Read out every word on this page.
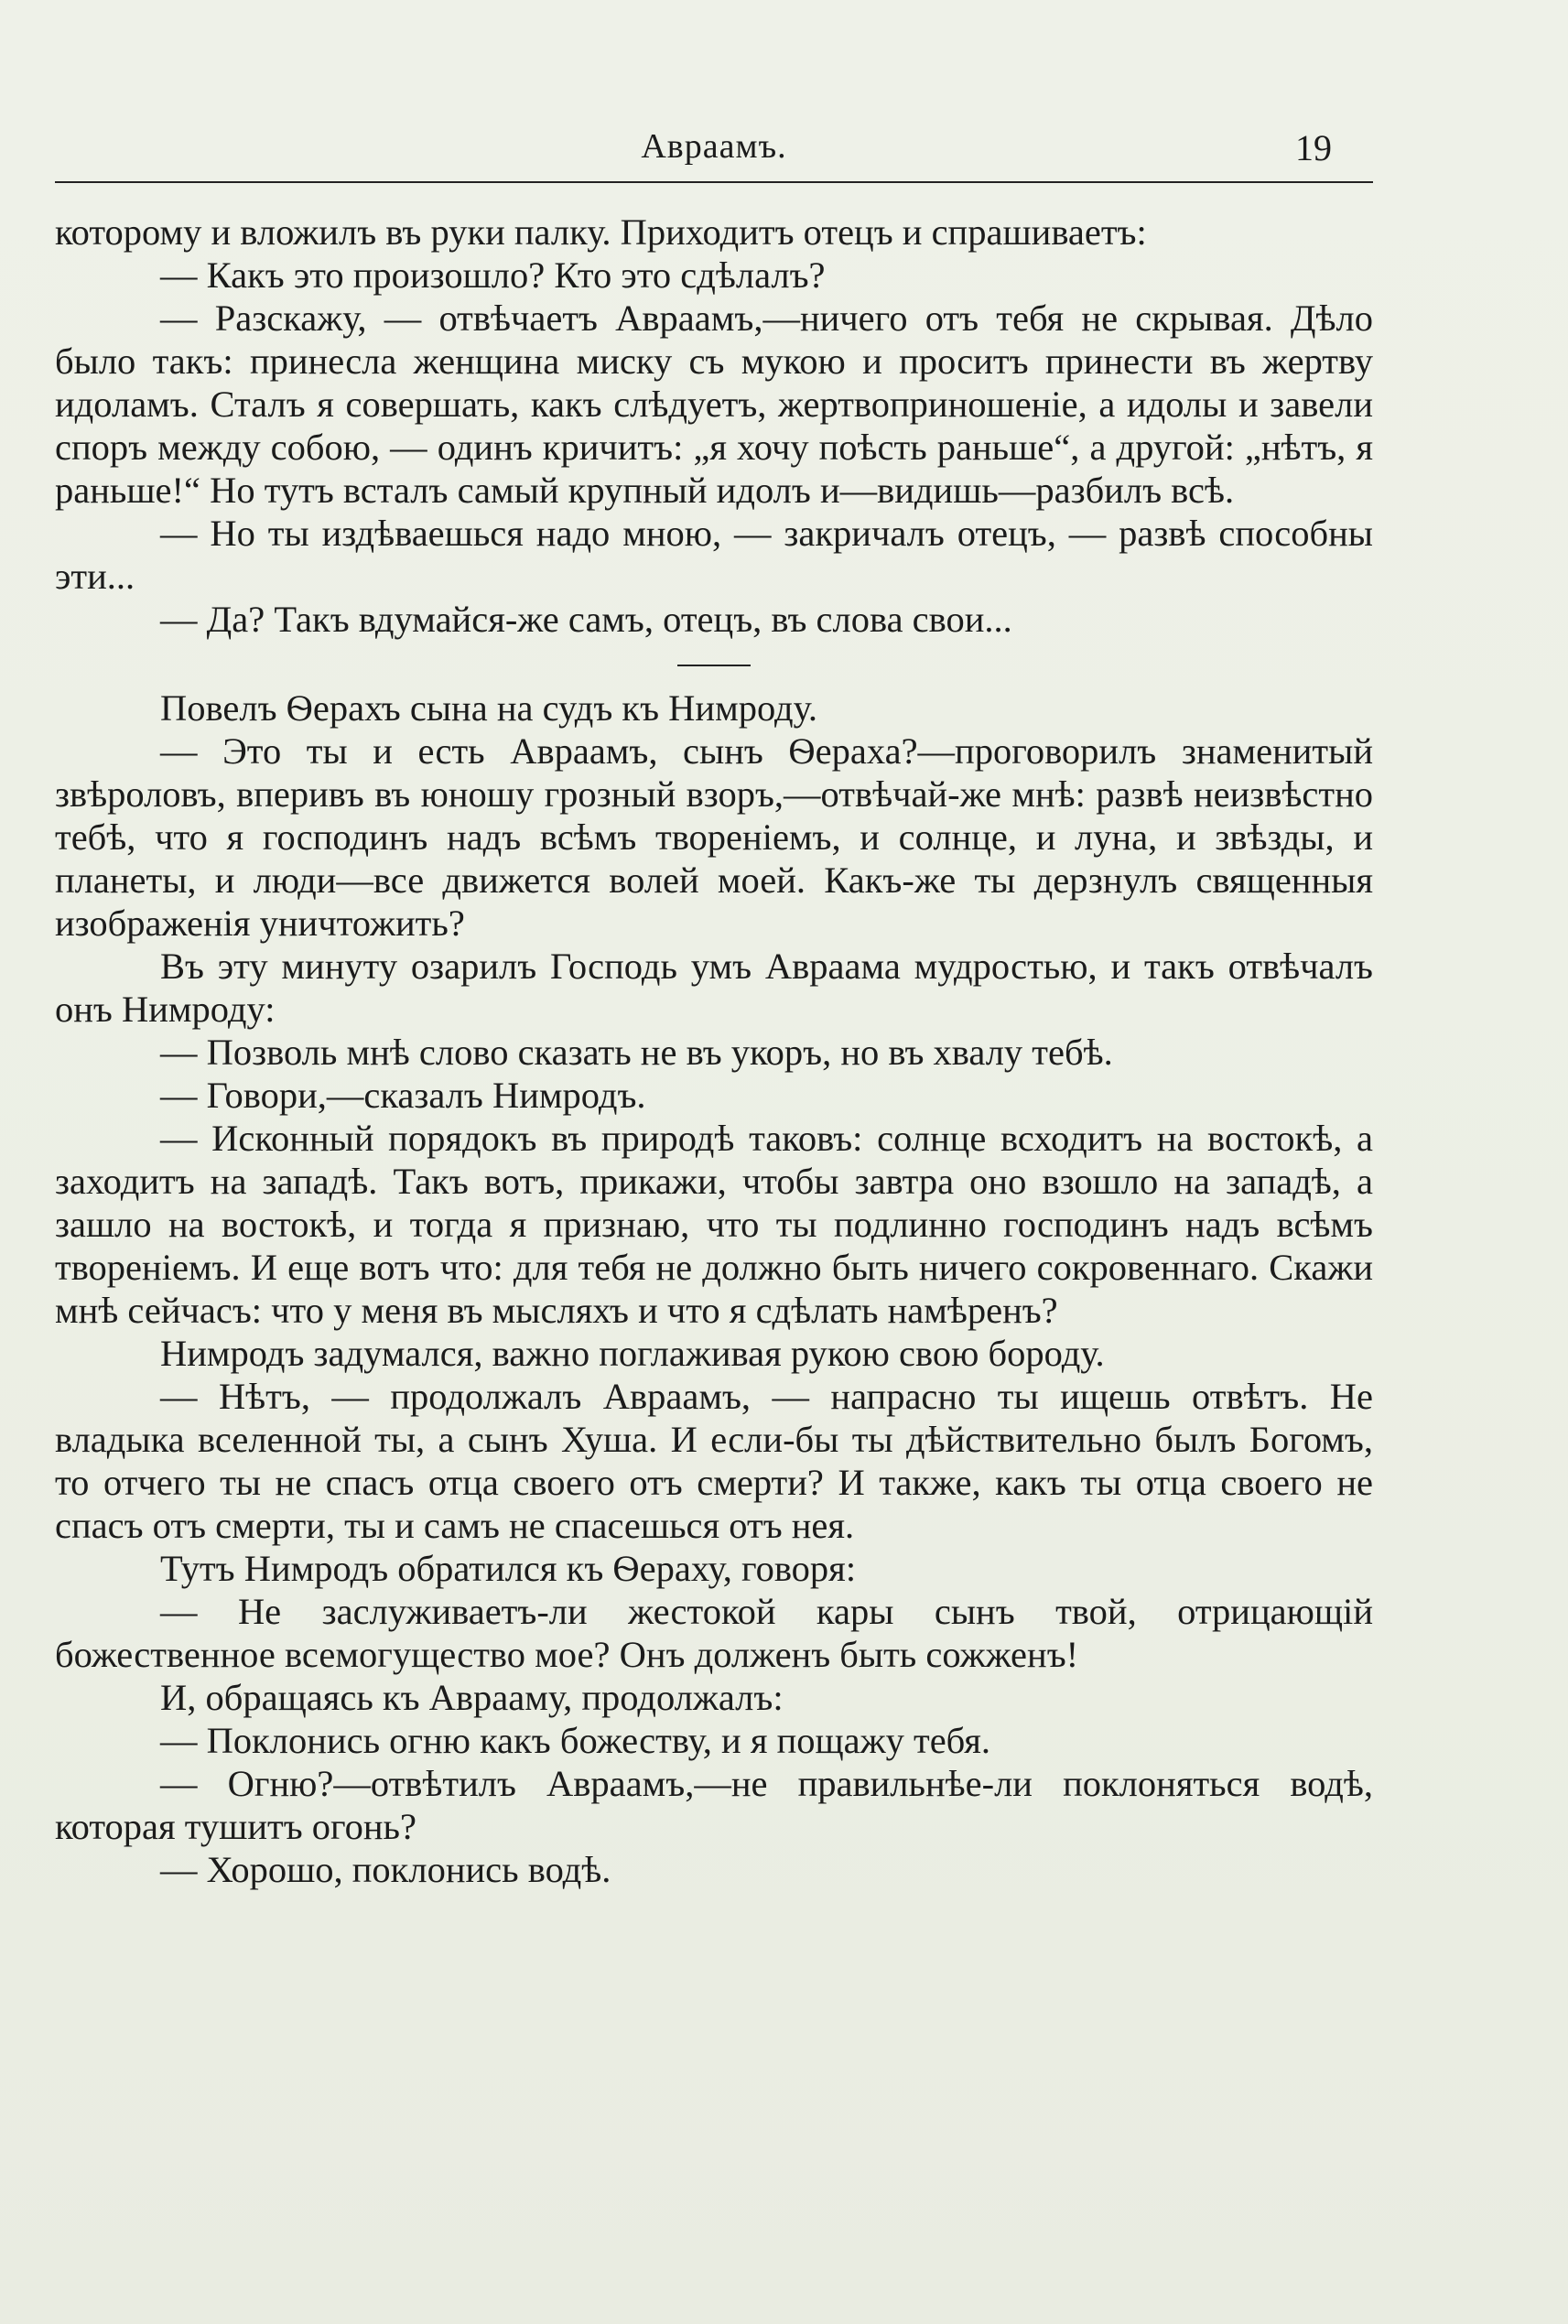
Авраамъ.	19

которому и вложилъ въ руки палку. Приходитъ отецъ и спрашиваетъ:

— Какъ это произошло? Кто это сдѣлалъ?

— Разскажу, — отвѣчаетъ Авраамъ,—ничего отъ тебя не скрывая. Дѣло было такъ: принесла женщина миску съ мукою и проситъ принести въ жертву идоламъ. Сталъ я совершать, какъ слѣдуетъ, жертвоприношеніе, а идолы и завели споръ между собою, — одинъ кричитъ: „я хочу поѣсть раньше“, а другой: „нѣтъ, я раньше!“ Но тутъ всталъ самый крупный идолъ и—видишь—разбилъ всѣ.

— Но ты издѣваешься надо мною, — закричалъ отецъ, — развѣ способны эти...

— Да? Такъ вдумайся-же самъ, отецъ, въ слова свои...

Повелъ Ѳерахъ сына на судъ къ Нимроду.

— Это ты и есть Авраамъ, сынъ Ѳераха?—проговорилъ знаменитый звѣроловъ, вперивъ въ юношу грозный взоръ,—отвѣчай-же мнѣ: развѣ неизвѣстно тебѣ, что я господинъ надъ всѣмъ твореніемъ, и солнце, и луна, и звѣзды, и планеты, и люди—все движется волей моей. Какъ-же ты дерзнулъ священныя изображенія уничтожить?

Въ эту минуту озарилъ Господь умъ Авраама мудростью, и такъ отвѣчалъ онъ Нимроду:

— Позволь мнѣ слово сказать не въ укоръ, но въ хвалу тебѣ.

— Говори,—сказалъ Нимродъ.

— Исконный порядокъ въ природѣ таковъ: солнце всходитъ на востокѣ, а заходитъ на западѣ. Такъ вотъ, прикажи, чтобы завтра оно взошло на западѣ, а зашло на востокѣ, и тогда я признаю, что ты подлинно господинъ надъ всѣмъ твореніемъ. И еще вотъ что: для тебя не должно быть ничего сокровеннаго. Скажи мнѣ сейчасъ: что у меня въ мысляхъ и что я сдѣлать намѣренъ?

Нимродъ задумался, важно поглаживая рукою свою бороду.

— Нѣтъ, — продолжалъ Авраамъ, — напрасно ты ищешь отвѣтъ. Не владыка вселенной ты, а сынъ Хуша. И если-бы ты дѣйствительно былъ Богомъ, то отчего ты не спасъ отца своего отъ смерти? И также, какъ ты отца своего не спасъ отъ смерти, ты и самъ не спасешься отъ нея.

Тутъ Нимродъ обратился къ Ѳераху, говоря:

— Не заслуживаетъ-ли жестокой кары сынъ твой, отрицающій божественное всемогущество мое? Онъ долженъ быть сожженъ!

И, обращаясь къ Аврааму, продолжалъ:

— Поклонись огню какъ божеству, и я пощажу тебя.

— Огню?—отвѣтилъ Авраамъ,—не правильнѣе-ли поклоняться водѣ, которая тушитъ огонь?

— Хорошо, поклонись водѣ.
